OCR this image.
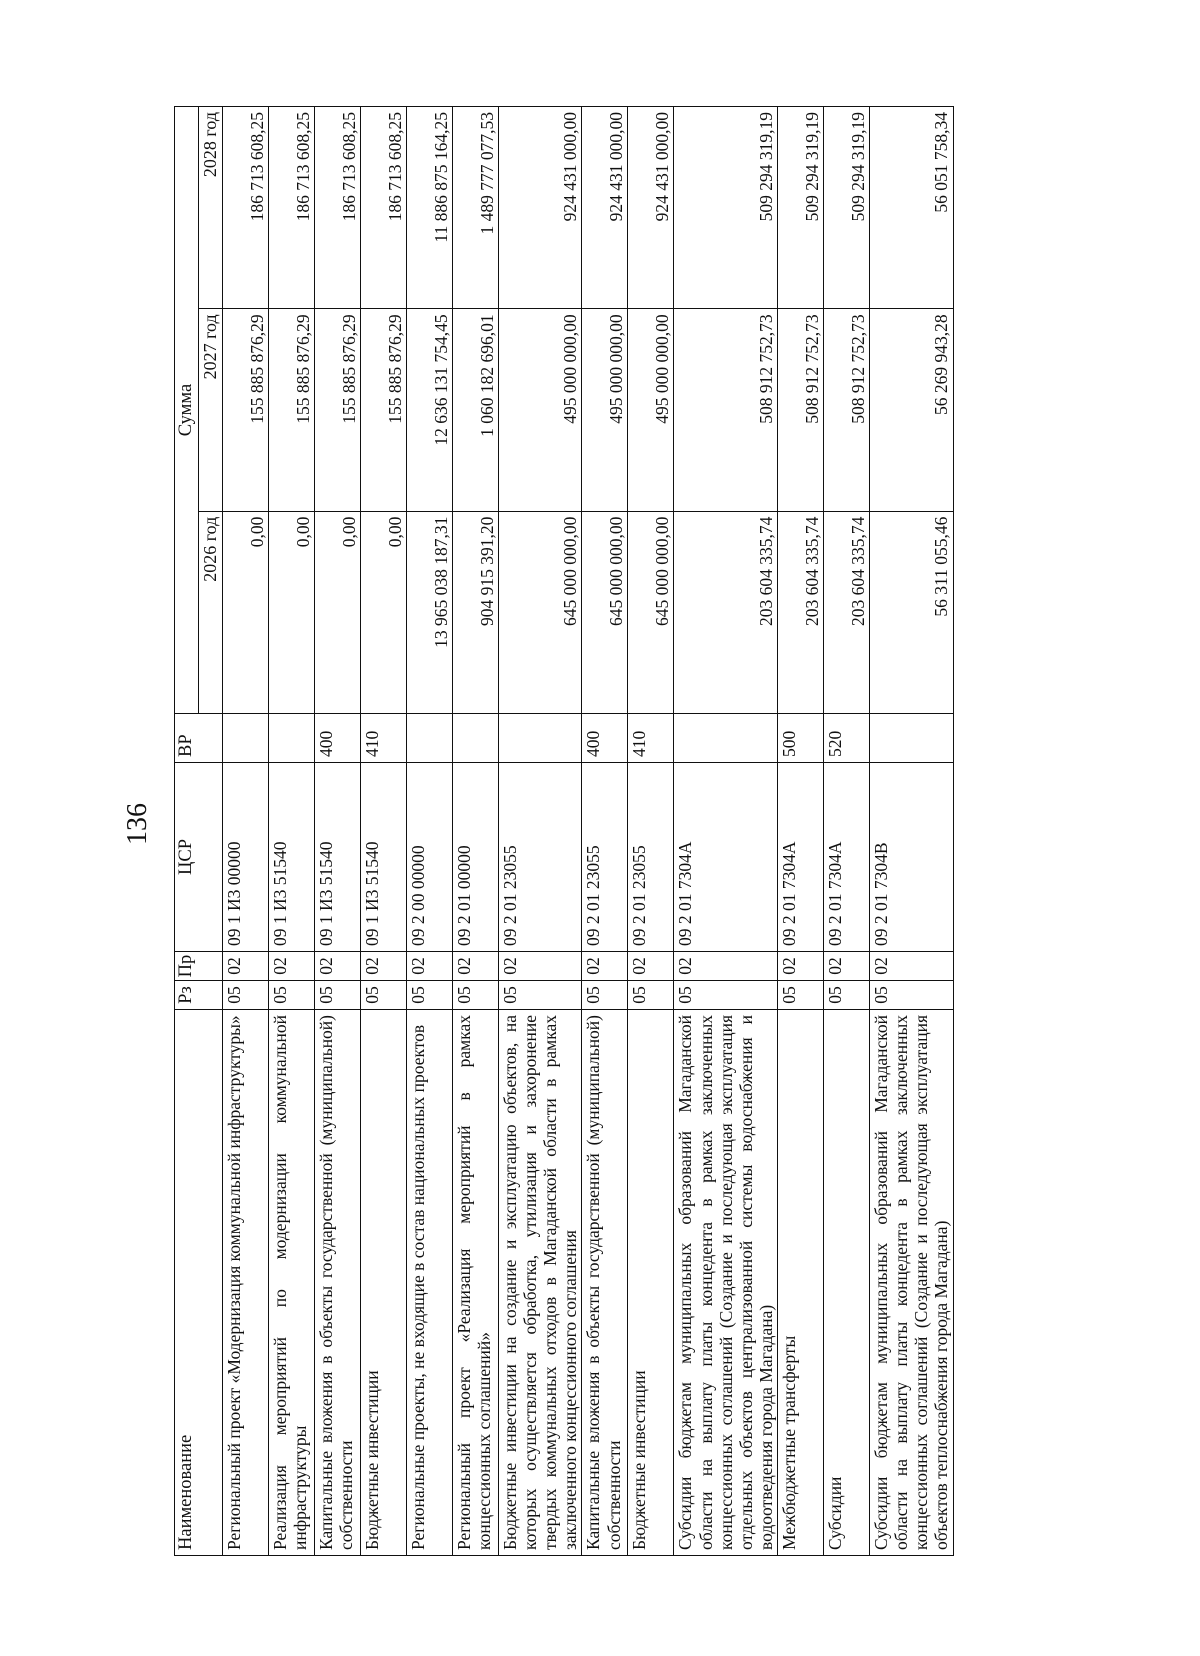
136
Наименование	Рз	Пр	ЦСР	ВР	Сумма		
					2026 год	2027 год	2028 год
Региональный проект «Модернизация коммунальной инфраструктуры»	05	02	09 1 И3 00000		0,00	155 885 876,29	186 713 608,25
Реализация мероприятий по модернизации коммунальной инфраструктуры	05	02	09 1 И3 51540		0,00	155 885 876,29	186 713 608,25
Капитальные вложения в объекты государственной (муниципальной) собственности	05	02	09 1 И3 51540	400	0,00	155 885 876,29	186 713 608,25
Бюджетные инвестиции	05	02	09 1 И3 51540	410	0,00	155 885 876,29	186 713 608,25
Региональные проекты, не входящие в состав национальных проектов	05	02	09 2 00 00000		13 965 038 187,31	12 636 131 754,45	11 886 875 164,25
Региональный проект «Реализация мероприятий в рамках концессионных соглашений»	05	02	09 2 01 00000		904 915 391,20	1 060 182 696,01	1 489 777 077,53
Бюджетные инвестиции на создание и эксплуатацию объектов, на которых осуществляется обработка, утилизация и захоронение твердых коммунальных отходов в Магаданской области в рамках заключенного концессионного соглашения	05	02	09 2 01 23055		645 000 000,00	495 000 000,00	924 431 000,00
Капитальные вложения в объекты государственной (муниципальной) собственности	05	02	09 2 01 23055	400	645 000 000,00	495 000 000,00	924 431 000,00
Бюджетные инвестиции	05	02	09 2 01 23055	410	645 000 000,00	495 000 000,00	924 431 000,00
Субсидии бюджетам муниципальных образований Магаданской области на выплату платы концедента в рамках заключенных концессионных соглашений (Создание и последующая эксплуатация отдельных объектов централизованной системы водоснабжения и водоотведения города Магадана)	05	02	09 2 01 7304А		203 604 335,74	508 912 752,73	509 294 319,19
Межбюджетные трансферты	05	02	09 2 01 7304А	500	203 604 335,74	508 912 752,73	509 294 319,19
Субсидии	05	02	09 2 01 7304А	520	203 604 335,74	508 912 752,73	509 294 319,19
Субсидии бюджетам муниципальных образований Магаданской области на выплату платы концедента в рамках заключенных концессионных соглашений (Создание и последующая эксплуатация объектов теплоснабжения города Магадана)	05	02	09 2 01 7304В		56 311 055,46	56 269 943,28	56 051 758,34
